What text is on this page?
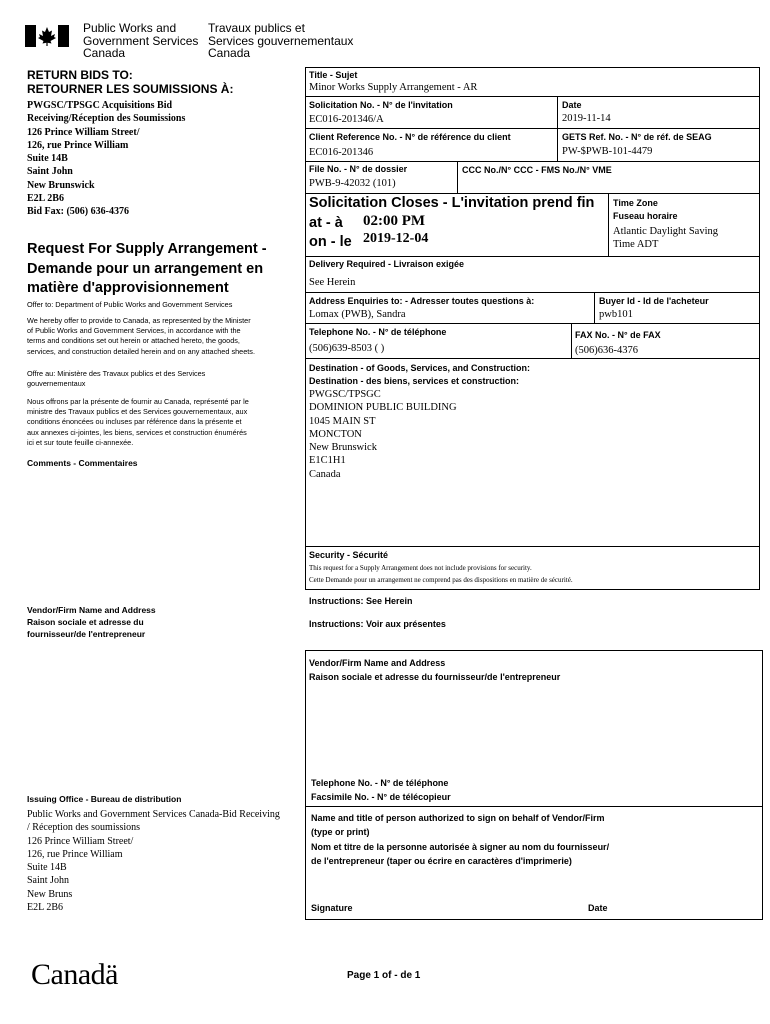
Public Works and
Government Services
Canada
Travaux publics et
Services gouvernementaux
Canada
RETURN BIDS TO:
RETOURNER LES SOUMISSIONS À:
PWGSC/TPSGC Acquisitions Bid
Receiving/Réception des Soumissions
126 Prince William Street/
126, rue Prince William
Suite 14B
Saint John
New Brunswick
E2L 2B6
Bid Fax: (506) 636-4376
Request For Supply Arrangement -
Demande pour un arrangement en
matière d'approvisionnement
Offer to: Department of Public Works and Government Services
We hereby offer to provide to Canada, as represented by the Minister
of Public Works and Government Services, in accordance with the
terms and conditions set out herein or attached hereto, the goods,
services, and construction detailed herein and on any attached sheets.
Offre au: Ministère des Travaux publics et des Services
gouvernementaux
Nous offrons par la présente de fournir au Canada, représenté par le
ministre des Travaux publics et des Services gouvernementaux, aux
conditions énoncées ou incluses par référence dans la présente et
aux annexes ci-jointes, les biens, services et construction énumérés
ici et sur toute feuille ci-annexée.
Comments - Commentaires
Vendor/Firm Name and Address
Raison sociale et adresse du
fournisseur/de l'entrepreneur
Issuing Office - Bureau de distribution
Public Works and Government Services Canada-Bid Receiving
/ Réception des soumissions
126 Prince William Street/
126, rue Prince William
Suite 14B
Saint John
New Bruns
E2L 2B6
Title - Sujet
Minor Works Supply Arrangement - AR
Solicitation No. - N° de l'invitation
EC016-201346/A
Date
2019-11-14
Client Reference No. - N° de référence du client
EC016-201346
GETS Ref. No. - N° de réf. de SEAG
PW-$PWB-101-4479
File No. - N° de dossier
PWB-9-42032 (101)
CCC No./N° CCC - FMS No./N° VME
Solicitation Closes - L'invitation prend fin
at - à 02:00 PM
on - le 2019-12-04
Time Zone
Fuseau horaire
Atlantic Daylight Saving
Time ADT
Delivery Required - Livraison exigée
See Herein
Address Enquiries to: - Adresser toutes questions à:
Lomax (PWB), Sandra
Buyer Id - Id de l'acheteur
pwb101
Telephone No. - N° de téléphone
(506)639-8503 ( )
FAX No. - N° de FAX
(506)636-4376
Destination - of Goods, Services, and Construction:
Destination - des biens, services et construction:
PWGSC/TPSGC
DOMINION PUBLIC BUILDING
1045 MAIN ST
MONCTON
New Brunswick
E1C1H1
Canada
Security - Sécurité
This request for a Supply Arrangement does not include provisions for security.
Cette Demande pour un arrangement ne comprend pas des dispositions en matière de sécurité.
Instructions: See Herein
Instructions: Voir aux présentes
Vendor/Firm Name and Address
Raison sociale et adresse du fournisseur/de l'entrepreneur
Telephone No. - N° de téléphone
Facsimile No. - N° de télécopieur
Name and title of person authorized to sign on behalf of Vendor/Firm
(type or print)
Nom et titre de la personne autorisée à signer au nom du fournisseur/
de l'entrepreneur (taper ou écrire en caractères d'imprimerie)
Signature	Date
Canadä	Page 1 of - de 1
